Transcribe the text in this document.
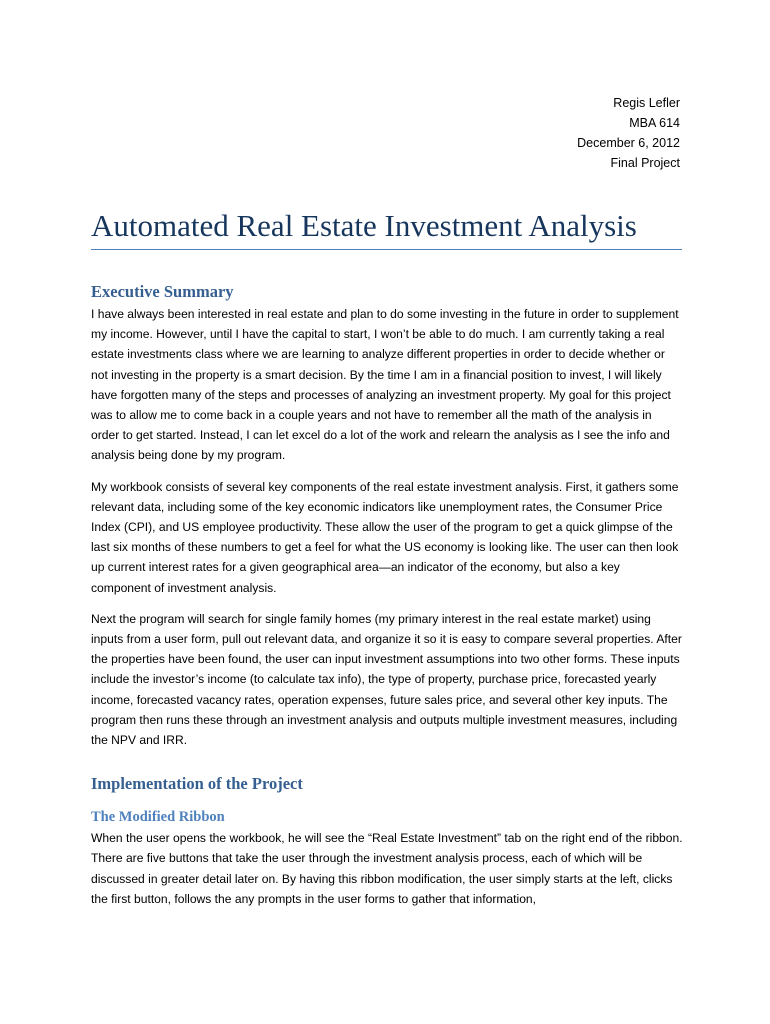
Regis Lefler
MBA 614
December 6, 2012
Final Project
Automated Real Estate Investment Analysis
Executive Summary

I have always been interested in real estate and plan to do some investing in the future in order to supplement my income. However, until I have the capital to start, I won’t be able to do much. I am currently taking a real estate investments class where we are learning to analyze different properties in order to decide whether or not investing in the property is a smart decision. By the time I am in a financial position to invest, I will likely have forgotten many of the steps and processes of analyzing an investment property. My goal for this project was to allow me to come back in a couple years and not have to remember all the math of the analysis in order to get started. Instead, I can let excel do a lot of the work and relearn the analysis as I see the info and analysis being done by my program.

My workbook consists of several key components of the real estate investment analysis. First, it gathers some relevant data, including some of the key economic indicators like unemployment rates, the Consumer Price Index (CPI), and US employee productivity. These allow the user of the program to get a quick glimpse of the last six months of these numbers to get a feel for what the US economy is looking like. The user can then look up current interest rates for a given geographical area—an indicator of the economy, but also a key component of investment analysis.

Next the program will search for single family homes (my primary interest in the real estate market) using inputs from a user form, pull out relevant data, and organize it so it is easy to compare several properties. After the properties have been found, the user can input investment assumptions into two other forms. These inputs include the investor’s income (to calculate tax info), the type of property, purchase price, forecasted yearly income, forecasted vacancy rates, operation expenses, future sales price, and several other key inputs. The program then runs these through an investment analysis and outputs multiple investment measures, including the NPV and IRR.

Implementation of the Project
The Modified Ribbon

When the user opens the workbook, he will see the “Real Estate Investment” tab on the right end of the ribbon. There are five buttons that take the user through the investment analysis process, each of which will be discussed in greater detail later on. By having this ribbon modification, the user simply starts at the left, clicks the first button, follows the any prompts in the user forms to gather that information,
